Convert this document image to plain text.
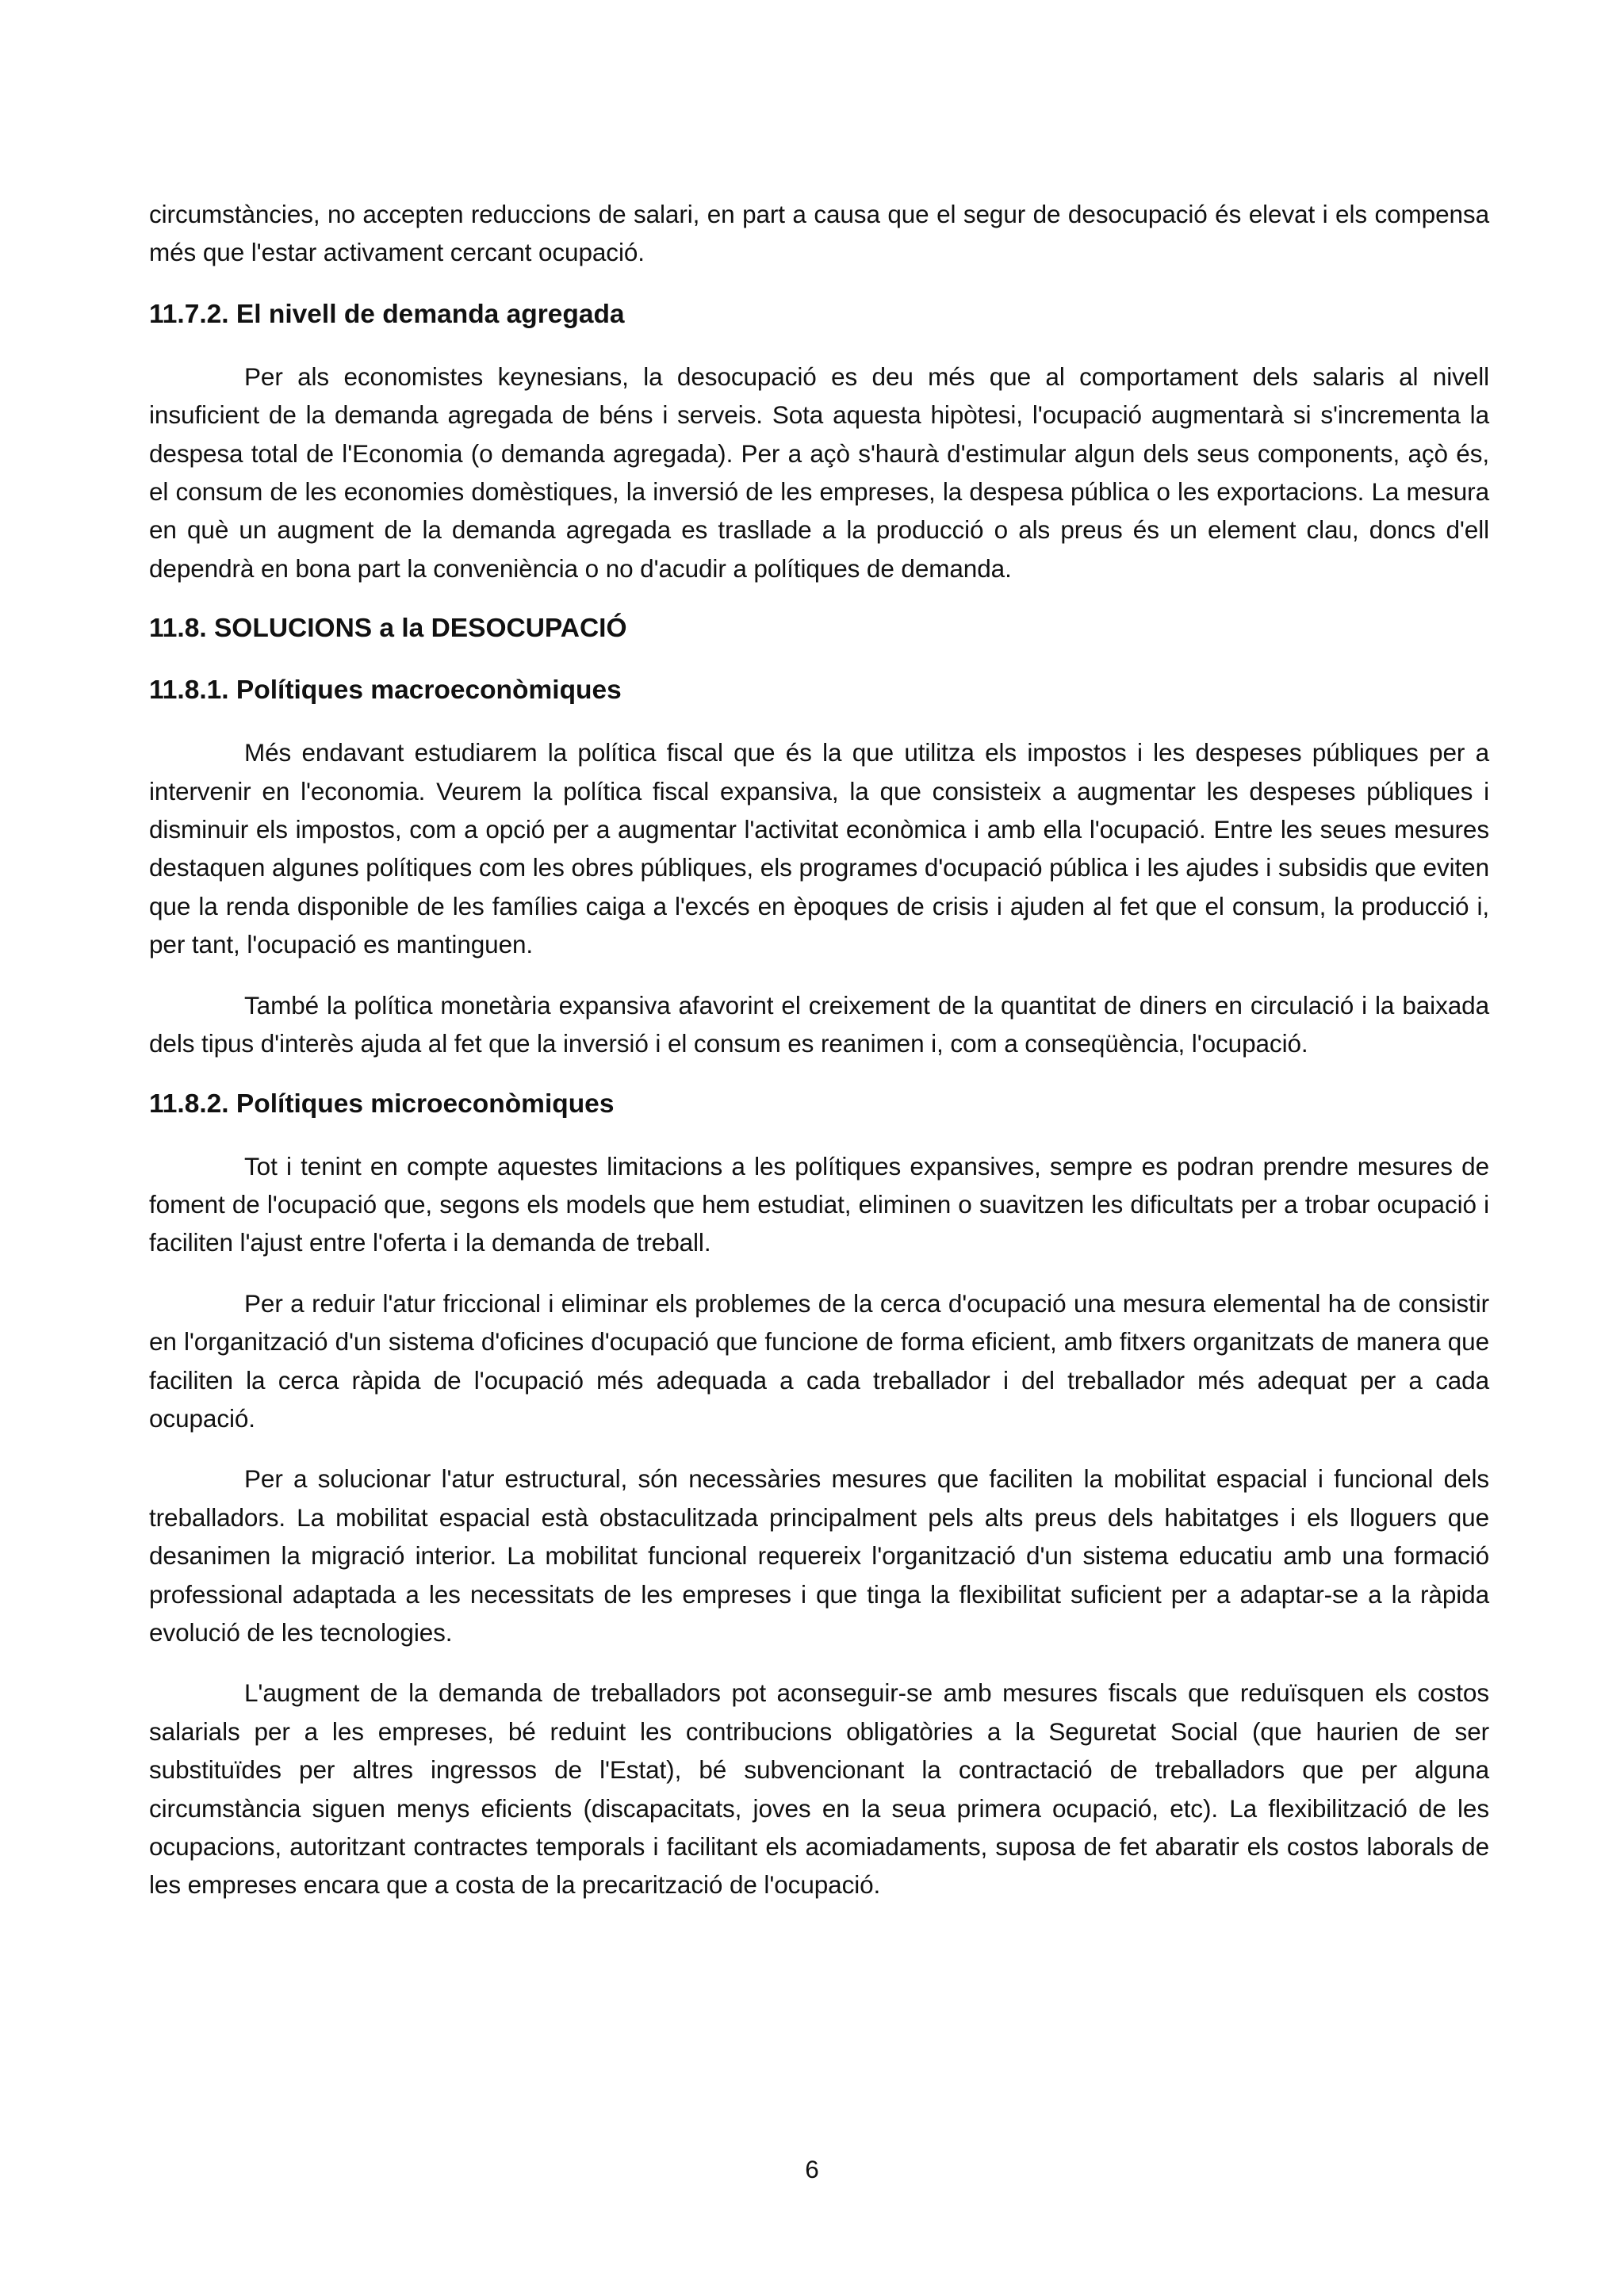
circumstàncies, no accepten reduccions de salari, en part a causa que el segur de desocupació és elevat i els compensa més que l'estar activament cercant ocupació.

11.7.2. El nivell de demanda agregada

Per als economistes keynesians, la desocupació es deu més que al comportament dels salaris al nivell insuficient de la demanda agregada de béns i serveis. Sota aquesta hipòtesi, l'ocupació augmentarà si s'incrementa la despesa total de l'Economia (o demanda agregada). Per a açò s'haurà d'estimular algun dels seus components, açò és, el consum de les economies domèstiques, la inversió de les empreses, la despesa pública o les exportacions. La mesura en què un augment de la demanda agregada es trasllade a la producció o als preus és un element clau, doncs d'ell dependrà en bona part la conveniència o no d'acudir a polítiques de demanda.

11.8. SOLUCIONS a la DESOCUPACIÓ
11.8.1. Polítiques macroeconòmiques

Més endavant estudiarem la política fiscal que és la que utilitza els impostos i les despeses públiques per a intervenir en l'economia. Veurem la política fiscal expansiva, la que consisteix a augmentar les despeses públiques i disminuir els impostos, com a opció per a augmentar l'activitat econòmica i amb ella l'ocupació. Entre les seues mesures destaquen algunes polítiques com les obres públiques, els programes d'ocupació pública i les ajudes i subsidis que eviten que la renda disponible de les famílies caiga a l'excés en èpoques de crisis i ajuden al fet que el consum, la producció i, per tant, l'ocupació es mantinguen.

També la política monetària expansiva afavorint el creixement de la quantitat de diners en circulació i la baixada dels tipus d'interès ajuda al fet que la inversió i el consum es reanimen i, com a conseqüència, l'ocupació.

11.8.2. Polítiques microeconòmiques

Tot i tenint en compte aquestes limitacions a les polítiques expansives, sempre es podran prendre mesures de foment de l'ocupació que, segons els models que hem estudiat, eliminen o suavitzen les dificultats per a trobar ocupació i faciliten l'ajust entre l'oferta i la demanda de treball.

Per a reduir l'atur friccional i eliminar els problemes de la cerca d'ocupació una mesura elemental ha de consistir en l'organització d'un sistema d'oficines d'ocupació que funcione de forma eficient, amb fitxers organitzats de manera que faciliten la cerca ràpida de l'ocupació més adequada a cada treballador i del treballador més adequat per a cada ocupació.

Per a solucionar l'atur estructural, són necessàries mesures que faciliten la mobilitat espacial i funcional dels treballadors. La mobilitat espacial està obstaculitzada principalment pels alts preus dels habitatges i els lloguers que desanimen la migració interior. La mobilitat funcional requereix l'organització d'un sistema educatiu amb una formació professional adaptada a les necessitats de les empreses i que tinga la flexibilitat suficient per a adaptar-se a la ràpida evolució de les tecnologies.

L'augment de la demanda de treballadors pot aconseguir-se amb mesures fiscals que reduïsquen els costos salarials per a les empreses, bé reduint les contribucions obligatòries a la Seguretat Social (que haurien de ser substituïdes per altres ingressos de l'Estat), bé subvencionant la contractació de treballadors que per alguna circumstància siguen menys eficients (discapacitats, joves en la seua primera ocupació, etc). La flexibilització de les ocupacions, autoritzant contractes temporals i facilitant els acomiadaments, suposa de fet abaratir els costos laborals de les empreses encara que a costa de la precarització de l'ocupació.

6
